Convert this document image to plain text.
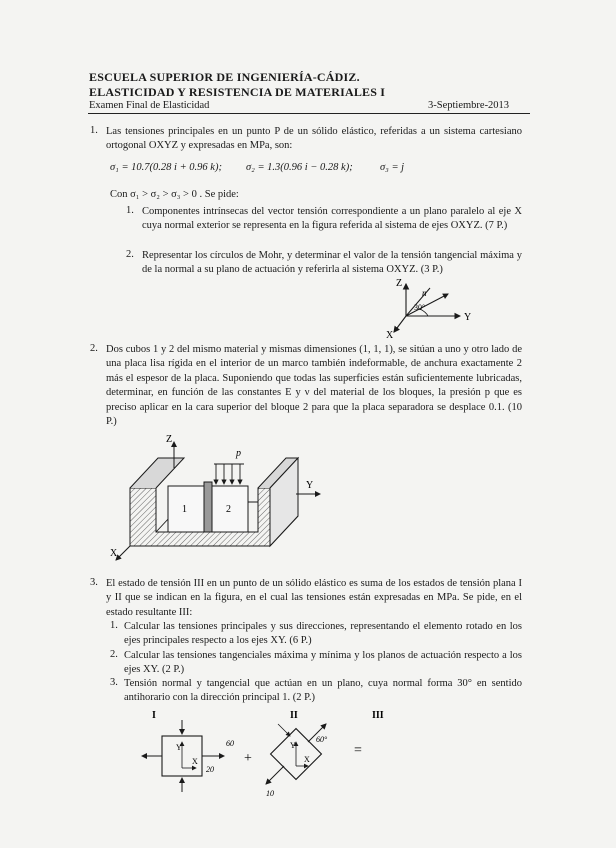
ESCUELA SUPERIOR DE INGENIERÍA-CÁDIZ.
ELASTICIDAD Y RESISTENCIA DE MATERIALES I
Examen Final de Elasticidad	3-Septiembre-2013
1. Las tensiones principales en un punto P de un sólido elástico, referidas a un sistema cartesiano ortogonal OXYZ y expresadas en MPa, son:
σ₁ = 10.7(0.28 i + 0.96 k); σ₂ = 1.3(0.96 i − 0.28 k);	σ₃ = j
Con σ₁ > σ₂ > σ₃ > 0 . Se pide:
1. Componentes intrínsecas del vector tensión correspondiente a un plano paralelo al eje X cuya normal exterior se representa en la figura referida al sistema de ejes OXYZ. (7 P.)
2. Representar los círculos de Mohr, y determinar el valor de la tensión tangencial máxima y de la normal a su plano de actuación y referirla al sistema OXYZ. (3 P.)
Z
Y
X
n
30°
2. Dos cubos 1 y 2 del mismo material y mismas dimensiones (1, 1, 1), se sitúan a uno y otro lado de una placa lisa rígida en el interior de un marco también indeformable, de anchura exactamente 2 más el espesor de la placa. Suponiendo que todas las superficies están suficientemente lubricadas, determinar, en función de las constantes E y ν del material de los bloques, la presión p que es preciso aplicar en la cara superior del bloque 2 para que la placa separadora se desplace 0.1. (10 P.)
Z
Y
X
p
1	2
3. El estado de tensión III en un punto de un sólido elástico es suma de los estados de tensión plana I y II que se indican en la figura, en el cual las tensiones están expresadas en MPa. Se pide, en el estado resultante III:
1. Calcular las tensiones principales y sus direcciones, representando el elemento rotado en los ejes principales respecto a los ejes XY. (6 P.)
2. Calcular las tensiones tangenciales máxima y mínima y los planos de actuación respecto a los ejes XY. (2 P.)
3. Tensión normal y tangencial que actúan en un plano, cuya normal forma 30° en sentido antihorario con la dirección principal 1. (2 P.)
I
Y
X
60
20
+
II
Y
X
60°
10
=
III
